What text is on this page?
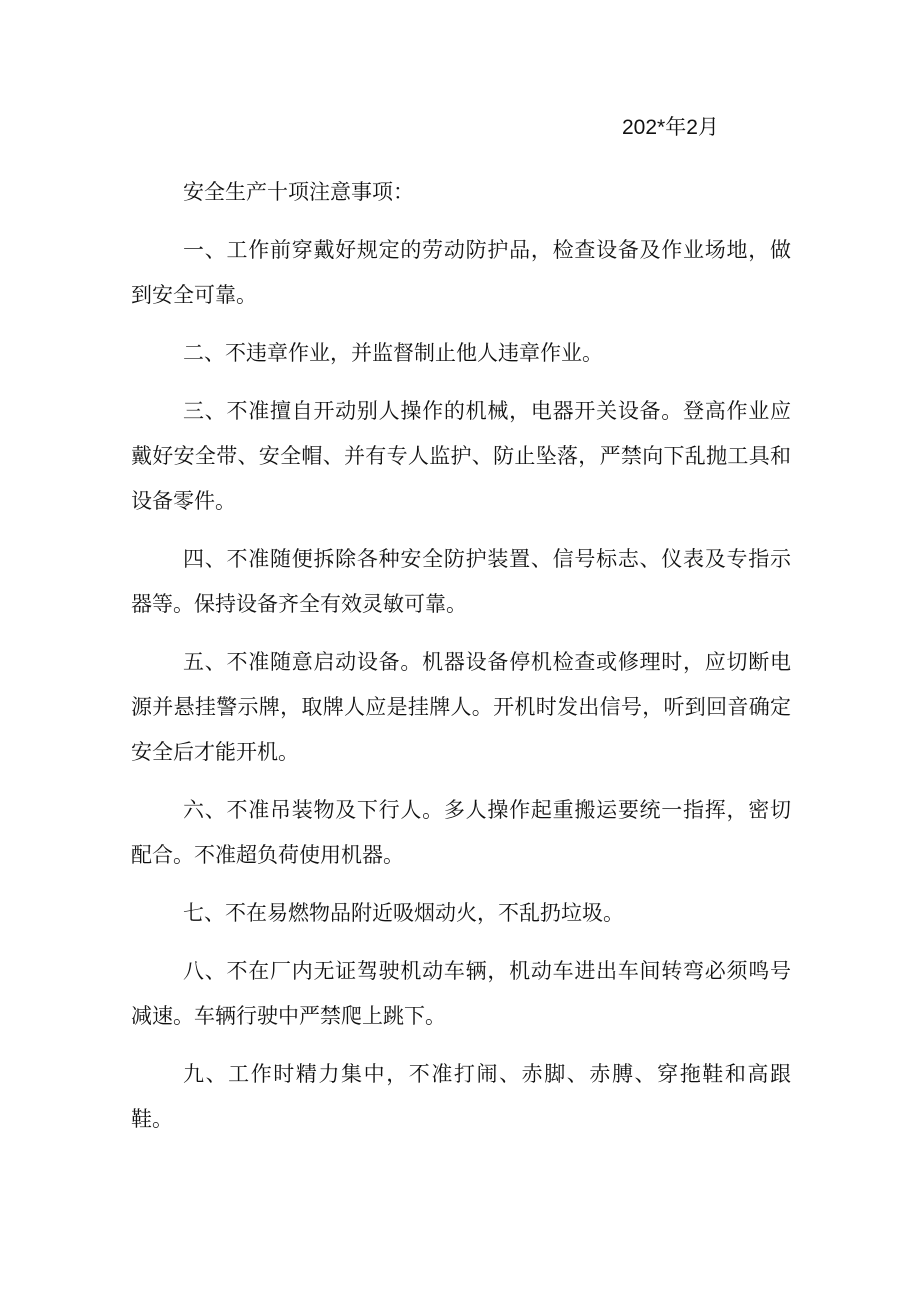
202*年2月

安全生产十项注意事项：

一、工作前穿戴好规定的劳动防护品，检查设备及作业场地，做到安全可靠。

二、不违章作业，并监督制止他人违章作业。

三、不准擅自开动别人操作的机械，电器开关设备。登高作业应戴好安全带、安全帽、并有专人监护、防止坠落，严禁向下乱抛工具和设备零件。

四、不准随便拆除各种安全防护装置、信号标志、仪表及专指示器等。保持设备齐全有效灵敏可靠。

五、不准随意启动设备。机器设备停机检查或修理时，应切断电源并悬挂警示牌，取牌人应是挂牌人。开机时发出信号，听到回音确定安全后才能开机。

六、不准吊装物及下行人。多人操作起重搬运要统一指挥，密切配合。不准超负荷使用机器。

七、不在易燃物品附近吸烟动火，不乱扔垃圾。

八、不在厂内无证驾驶机动车辆，机动车进出车间转弯必须鸣号减速。车辆行驶中严禁爬上跳下。

九、工作时精力集中，不准打闹、赤脚、赤膊、穿拖鞋和高跟鞋。
